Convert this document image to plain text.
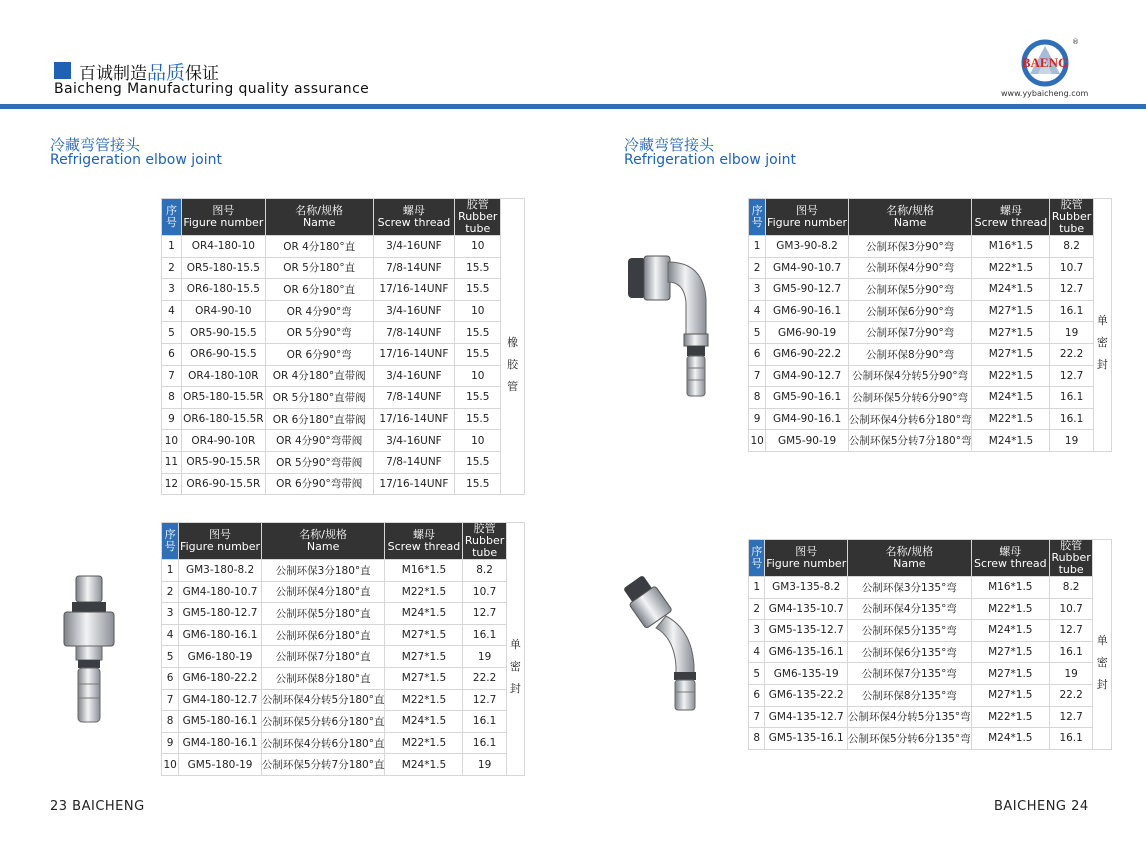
百诚制造品质保证
Baicheng Manufacturing quality assurance
BAENG
®
www.yybaicheng.com
冷藏弯管接头
Refrigeration elbow joint
冷藏弯管接头
Refrigeration elbow joint
序
号	图号
Figure number	名称/规格
Name	螺母
Screw thread	胶管
Rubber
tube	

1	OR4-180-10	OR 4分180°直	3/4-16UNF	10	橡
胶
管

2	OR5-180-15.5	OR 5分180°直	7/8-14UNF	15.5	
3	OR6-180-15.5	OR 6分180°直	17/16-14UNF	15.5	
4	OR4-90-10	OR 4分90°弯	3/4-16UNF	10	
5	OR5-90-15.5	OR 5分90°弯	7/8-14UNF	15.5	
6	OR6-90-15.5	OR 6分90°弯	17/16-14UNF	15.5	
7	OR4-180-10R	OR 4分180°直带阀	3/4-16UNF	10	
8	OR5-180-15.5R	OR 5分180°直带阀	7/8-14UNF	15.5	
9	OR6-180-15.5R	OR 6分180°直带阀	17/16-14UNF	15.5	
10	OR4-90-10R	OR 4分90°弯带阀	3/4-16UNF	10	
11	OR5-90-15.5R	OR 5分90°弯带阀	7/8-14UNF	15.5	
12	OR6-90-15.5R	OR 6分90°弯带阀	17/16-14UNF	15.5	
序
号	图号
Figure number	名称/规格
Name	螺母
Screw thread	胶管
Rubber
tube	

1	GM3-180-8.2	公制环保3分180°直	M16*1.5	8.2	单
密
封

2	GM4-180-10.7	公制环保4分180°直	M22*1.5	10.7	
3	GM5-180-12.7	公制环保5分180°直	M24*1.5	12.7	
4	GM6-180-16.1	公制环保6分180°直	M27*1.5	16.1	
5	GM6-180-19	公制环保7分180°直	M27*1.5	19	
6	GM6-180-22.2	公制环保8分180°直	M27*1.5	22.2	
7	GM4-180-12.7	公制环保4分转5分180°直	M22*1.5	12.7	
8	GM5-180-16.1	公制环保5分转6分180°直	M24*1.5	16.1	
9	GM4-180-16.1	公制环保4分转6分180°直	M22*1.5	16.1	
10	GM5-180-19	公制环保5分转7分180°直	M24*1.5	19	
序
号	图号
Figure number	名称/规格
Name	螺母
Screw thread	胶管
Rubber
tube	

1	GM3-90-8.2	公制环保3分90°弯	M16*1.5	8.2	单
密
封

2	GM4-90-10.7	公制环保4分90°弯	M22*1.5	10.7	
3	GM5-90-12.7	公制环保5分90°弯	M24*1.5	12.7	
4	GM6-90-16.1	公制环保6分90°弯	M27*1.5	16.1	
5	GM6-90-19	公制环保7分90°弯	M27*1.5	19	
6	GM6-90-22.2	公制环保8分90°弯	M27*1.5	22.2	
7	GM4-90-12.7	公制环保4分转5分90°弯	M22*1.5	12.7	
8	GM5-90-16.1	公制环保5分转6分90°弯	M24*1.5	16.1	
9	GM4-90-16.1	公制环保4分转6分180°弯	M22*1.5	16.1	
10	GM5-90-19	公制环保5分转7分180°弯	M24*1.5	19	
序
号	图号
Figure number	名称/规格
Name	螺母
Screw thread	胶管
Rubber
tube	

1	GM3-135-8.2	公制环保3分135°弯	M16*1.5	8.2	单
密
封

2	GM4-135-10.7	公制环保4分135°弯	M22*1.5	10.7	
3	GM5-135-12.7	公制环保5分135°弯	M24*1.5	12.7	
4	GM6-135-16.1	公制环保6分135°弯	M27*1.5	16.1	
5	GM6-135-19	公制环保7分135°弯	M27*1.5	19	
6	GM6-135-22.2	公制环保8分135°弯	M27*1.5	22.2	
7	GM4-135-12.7	公制环保4分转5分135°弯	M22*1.5	12.7	
8	GM5-135-16.1	公制环保5分转6分135°弯	M24*1.5	16.1	
23 BAICHENG	BAICHENG 24
